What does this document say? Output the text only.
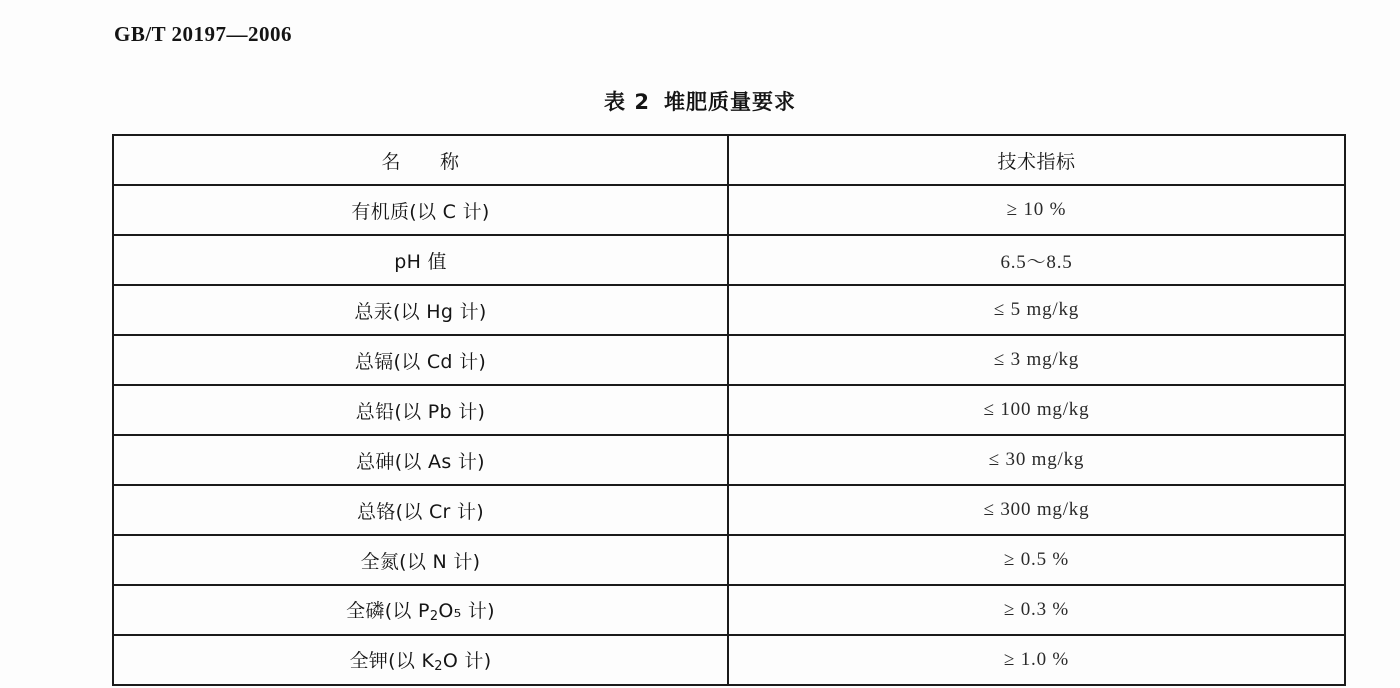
GB/T 20197—2006
表 2 堆肥质量要求
名　　称	技术指标
有机质(以 C 计)	≥ 10 %
pH 值	6.5～8.5
总汞(以 Hg 计)	≤ 5 mg/kg
总镉(以 Cd 计)	≤ 3 mg/kg
总铅(以 Pb 计)	≤ 100 mg/kg
总砷(以 As 计)	≤ 30 mg/kg
总铬(以 Cr 计)	≤ 300 mg/kg
全氮(以 N 计)	≥ 0.5 %
全磷(以 $P_2O_5$ 计)	≥ 0.3 %
全钾(以 $K_2O$ 计)	≥ 1.0 %
